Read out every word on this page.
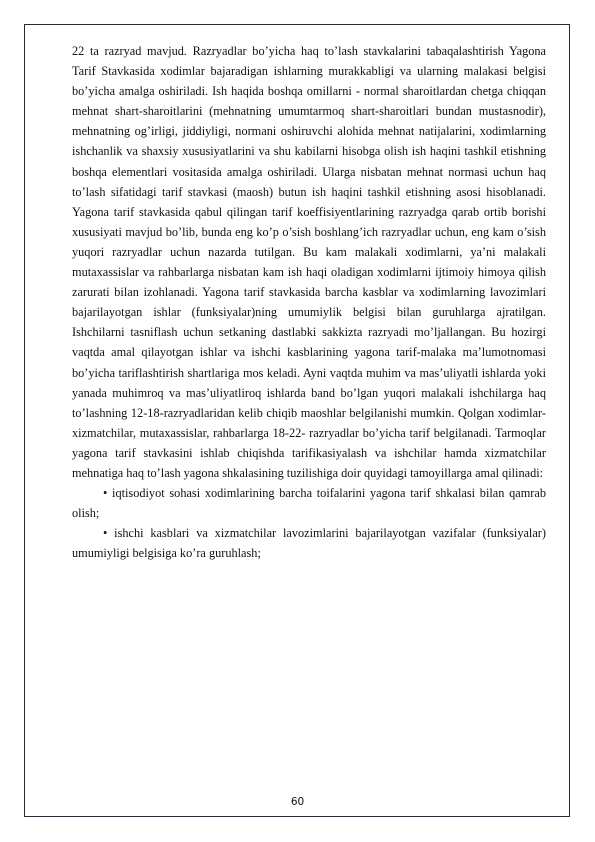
22 ta razryad mavjud. Razryadlar bo’yicha haq to’lash stavkalarini tabaqalashtirish Yagona Tarif Stavkasida xodimlar bajaradigan ishlarning murakkabligi va ularning malakasi belgisi bo’yicha amalga oshiriladi. Ish haqida boshqa omillarni - normal sharoitlardan chetga chiqqan mehnat shart-sharoitlarini (mehnatning umumtarmoq shart-sharoitlari bundan mustasnodir), mehnatning og’irligi, jiddiyligi, normani oshiruvchi alohida mehnat natijalarini, xodimlarning ishchanlik va shaxsiy xususiyatlarini va shu kabilarni hisobga olish ish haqini tashkil etishning boshqa elementlari vositasida amalga oshiriladi. Ularga nisbatan mehnat normasi uchun haq to’lash sifatidagi tarif stavkasi (maosh) butun ish haqini tashkil etishning asosi hisoblanadi. Yagona tarif stavkasida qabul qilingan tarif koeffisiyentlarining razryadga qarab ortib borishi xususiyati mavjud bo’lib, bunda eng ko’p o’sish boshlang’ich razryadlar uchun, eng kam o’sish yuqori razryadlar uchun nazarda tutilgan. Bu kam malakali xodimlarni, ya’ni malakali mutaxassislar va rahbarlarga nisbatan kam ish haqi oladigan xodimlarni ijtimoiy himoya qilish zarurati bilan izohlanadi. Yagona tarif stavkasida barcha kasblar va xodimlarning lavozimlari bajarilayotgan ishlar (funksiyalar)ning umumiylik belgisi bilan guruhlarga ajratilgan. Ishchilarni tasniflash uchun setkaning dastlabki sakkizta razryadi mo’ljallangan. Bu hozirgi vaqtda amal qilayotgan ishlar va ishchi kasblarining yagona tarif-malaka ma’lumotnomasi bo’yicha tariflashtirish shartlariga mos keladi. Ayni vaqtda muhim va mas’uliyatli ishlarda yoki yanada muhimroq va mas’uliyatliroq ishlarda band bo’lgan yuqori malakali ishchilarga haq to’lashning 12-18-razryadlaridan kelib chiqib maoshlar belgilanishi mumkin. Qolgan xodimlar-xizmatchilar, mutaxassislar, rahbarlarga 18-22- razryadlar bo’yicha tarif belgilanadi. Tarmoqlar yagona tarif stavkasini ishlab chiqishda tarifikasiyalash va ishchilar hamda xizmatchilar mehnatiga haq to’lash yagona shkalasining tuzilishiga doir quyidagi tamoyillarga amal qilinadi:

• iqtisodiyot sohasi xodimlarining barcha toifalarini yagona tarif shkalasi bilan qamrab olish;

• ishchi kasblari va xizmatchilar lavozimlarini bajarilayotgan vazifalar (funksiyalar) umumiyligi belgisiga ko’ra guruhlash;

60
